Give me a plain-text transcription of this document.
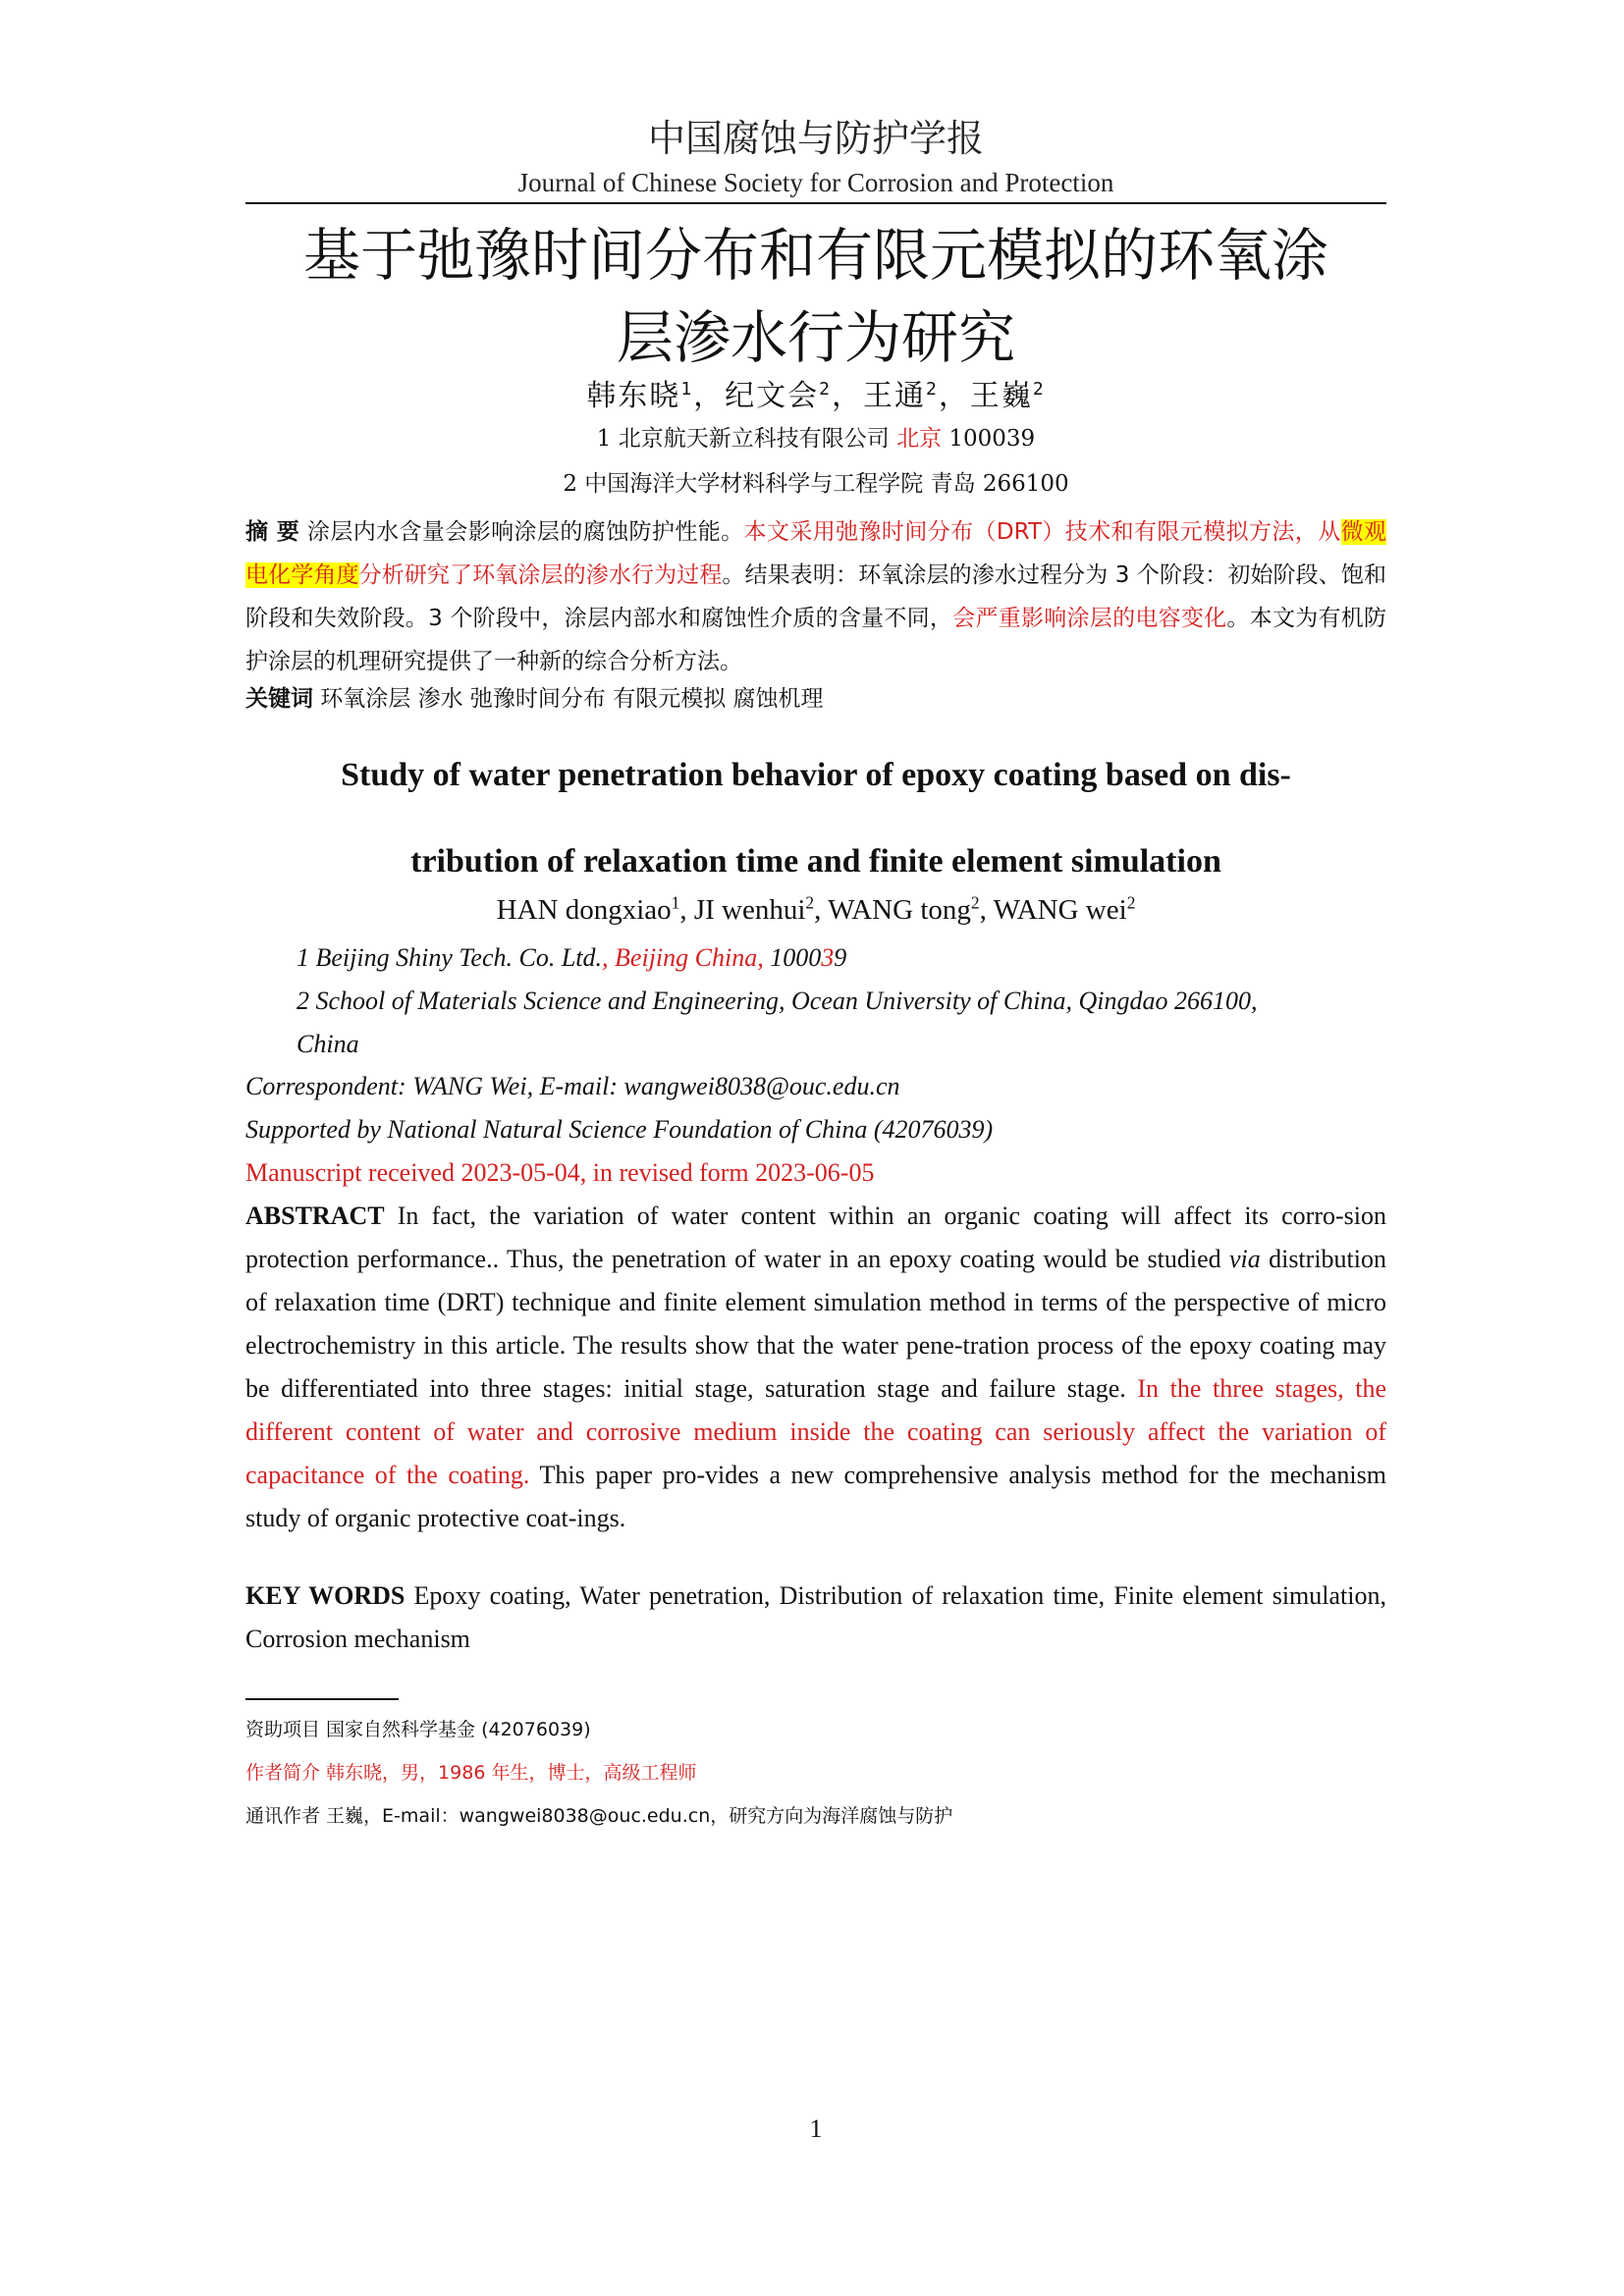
中国腐蚀与防护学报
Journal of Chinese Society for Corrosion and Protection
基于弛豫时间分布和有限元模拟的环氧涂
层渗水行为研究
韩东晓$^1$，纪文会$^2$，王通$^2$，王巍$^2$
1 北京航天新立科技有限公司 北京 100039
2 中国海洋大学材料科学与工程学院 青岛 266100
摘 要 涂层内水含量会影响涂层的腐蚀防护性能。本文采用弛豫时间分布（DRT）技术和有限元模拟方法，从微观电化学角度分析研究了环氧涂层的渗水行为过程。结果表明：环氧涂层的渗水过程分为 3 个阶段：初始阶段、饱和阶段和失效阶段。3 个阶段中，涂层内部水和腐蚀性介质的含量不同，会严重影响涂层的电容变化。本文为有机防护涂层的机理研究提供了一种新的综合分析方法。
关键词 环氧涂层 渗水 弛豫时间分布 有限元模拟 腐蚀机理
Study of water penetration behavior of epoxy coating based on dis-
tribution of relaxation time and finite element simulation
HAN dongxiao$^1$, JI wenhui$^2$, WANG tong$^2$, WANG wei$^2$
1 Beijing Shiny Tech. Co. Ltd., Beijing China, 100039
2 School of Materials Science and Engineering, Ocean University of China, Qingdao 266100,
China
Correspondent: WANG Wei, E-mail: wangwei8038@ouc.edu.cn
Supported by National Natural Science Foundation of China (42076039)
Manuscript received 2023-05-04, in revised form 2023-06-05
ABSTRACT In fact, the variation of water content within an organic coating will affect its corro-sion protection performance.. Thus, the penetration of water in an epoxy coating would be studied via distribution of relaxation time (DRT) technique and finite element simulation method in terms of the perspective of micro electrochemistry in this article. The results show that the water pene-tration process of the epoxy coating may be differentiated into three stages: initial stage, saturation stage and failure stage. In the three stages, the different content of water and corrosive medium inside the coating can seriously affect the variation of capacitance of the coating. This paper pro-vides a new comprehensive analysis method for the mechanism study of organic protective coat-ings.
KEY WORDS Epoxy coating, Water penetration, Distribution of relaxation time, Finite element simulation, Corrosion mechanism
资助项目 国家自然科学基金 (42076039)
作者简介 韩东晓，男，1986 年生，博士，高级工程师
通讯作者 王巍，E-mail：wangwei8038@ouc.edu.cn，研究方向为海洋腐蚀与防护
1
